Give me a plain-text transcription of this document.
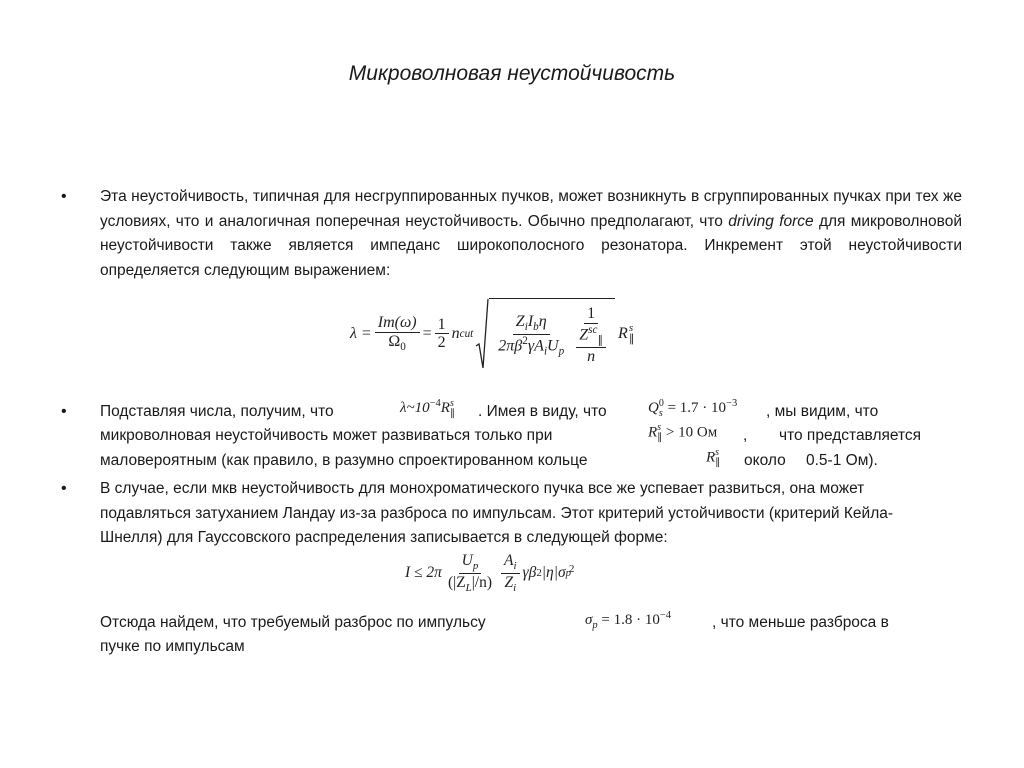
Микроволновая неустойчивость
• Эта неустойчивость, типичная для несгруппированных пучков, может возникнуть в сгруппированных пучках при тех же условиях, что и аналогичная поперечная неустойчивость. Обычно предполагают, что driving force для микроволновой неустойчивости также является импеданс широкополосного резонатора. Инкремент этой неустойчивости определяется следующим выражением:
$\lambda = \frac{Im(\omega)}{\Omega_0} = \frac{1}{2}$ n cut $\frac{Z_iI_b\eta}{2\pi\beta^2\gamma A_iU_p} \frac{1}{\frac{Z^{sc}_\parallel}{n}}$ R s
∥
• Подставляя числа, получим, что	. Имея в виду, что	, мы видим, что
микроволновая неустойчивость может развиваться только при	, что представляется
маловероятным (как правило, в разумно спроектированном кольце	около 0.5-1 Ом).
$\lambda\sim 10^{-4}R$ s
∥	Q 0
$s = 1.7 \cdot 10^{-3}$
R s
∥ > 10 Ом
R s
∥
• В случае, если мкв неустойчивость для монохроматического пучка все же успевает развиться, она может подавляться затуханием Ландау из-за разброса по импульсам. Этот критерий устойчивости (критерий Кейла-Шнелля) для Гауссовского распределения записывается в следующей форме:
$I \le 2\pi \frac{U_p}{(|Z_L|/n)} \frac{A_i}{Z_i}$ γβ 2 |η|σ p
$^2$
Отсюда найдем, что требуемый разброс по импульсу	, что меньше разброса в
пучке по импульсам
$\sigma_p = 1.8 \cdot 10^{-4}$
